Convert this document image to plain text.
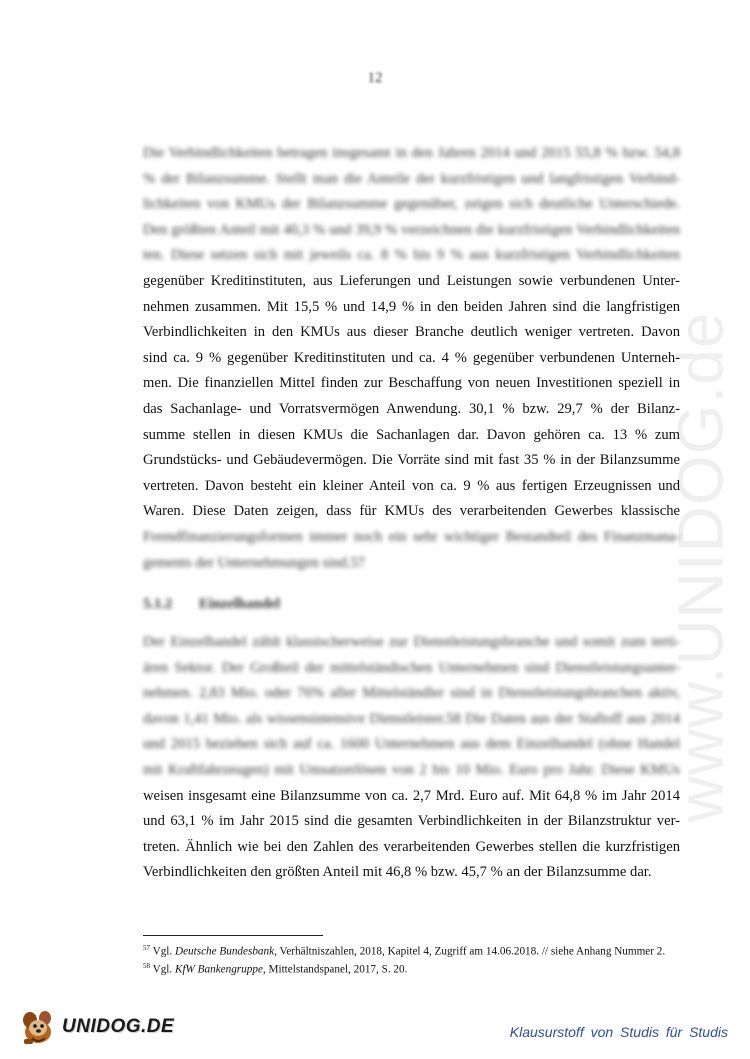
12
www.UNIDOG.de
Die Verbindlichkeiten betragen insgesamt in den Jahren 2014 und 2015 55,8 % bzw. 54,8
% der Bilanzsumme. Stellt man die Anteile der kurzfristigen und langfristigen Verbind-
lichkeiten von KMUs der Bilanzsumme gegenüber, zeigen sich deutliche Unterschiede.
Den größten Anteil mit 40,3 % und 39,9 % verzeichnen die kurzfristigen Verbindlichkeiten
ten. Diese setzen sich mit jeweils ca. 8 % bis 9 % aus kurzfristigen Verbindlichkeiten
gegenüber Kreditinstituten, aus Lieferungen und Leistungen sowie verbundenen Unter-
nehmen zusammen. Mit 15,5 % und 14,9 % in den beiden Jahren sind die langfristigen
Verbindlichkeiten in den KMUs aus dieser Branche deutlich weniger vertreten. Davon
sind ca. 9 % gegenüber Kreditinstituten und ca. 4 % gegenüber verbundenen Unterneh-
men. Die finanziellen Mittel finden zur Beschaffung von neuen Investitionen speziell in
das Sachanlage- und Vorratsvermögen Anwendung. 30,1 % bzw. 29,7 % der Bilanz-
summe stellen in diesen KMUs die Sachanlagen dar. Davon gehören ca. 13 % zum
Grundstücks- und Gebäudevermögen. Die Vorräte sind mit fast 35 % in der Bilanzsumme
vertreten. Davon besteht ein kleiner Anteil von ca. 9 % aus fertigen Erzeugnissen und
Waren. Diese Daten zeigen, dass für KMUs des verarbeitenden Gewerbes klassische
Fremdfinanzierungsformen immer noch ein sehr wichtiger Bestandteil des Finanzmana-
gements der Unternehmungen sind.57
5.1.2 Einzelhandel
Der Einzelhandel zählt klassischerweise zur Dienstleistungsbranche und somit zum terti-
ären Sektor. Der Großteil der mittelständischen Unternehmen sind Dienstleistungsunter-
nehmen. 2,83 Mio. oder 76% aller Mittelständler sind in Dienstleistungsbranchen aktiv,
davon 1,41 Mio. als wissensintensive Dienstleister.58 Die Daten aus der Staftoff aus 2014
und 2015 beziehen sich auf ca. 1600 Unternehmen aus dem Einzelhandel (ohne Handel
mit Kraftfahrzeugen) mit Umsatzerlösen von 2 bis 10 Mio. Euro pro Jahr. Diese KMUs
weisen insgesamt eine Bilanzsumme von ca. 2,7 Mrd. Euro auf. Mit 64,8 % im Jahr 2014
und 63,1 % im Jahr 2015 sind die gesamten Verbindlichkeiten in der Bilanzstruktur ver-
treten. Ähnlich wie bei den Zahlen des verarbeitenden Gewerbes stellen die kurzfristigen
Verbindlichkeiten den größten Anteil mit 46,8 % bzw. 45,7 % an der Bilanzsumme dar.
$^{57}$ Vgl. Deutsche Bundesbank, Verhältniszahlen, 2018, Kapitel 4, Zugriff am 14.06.2018. // siehe Anhang Nummer 2.
$^{58}$ Vgl. KfW Bankengruppe, Mittelstandspanel, 2017, S. 20.
UNIDOG.DE	Klausurstoff von Studis für Studis
